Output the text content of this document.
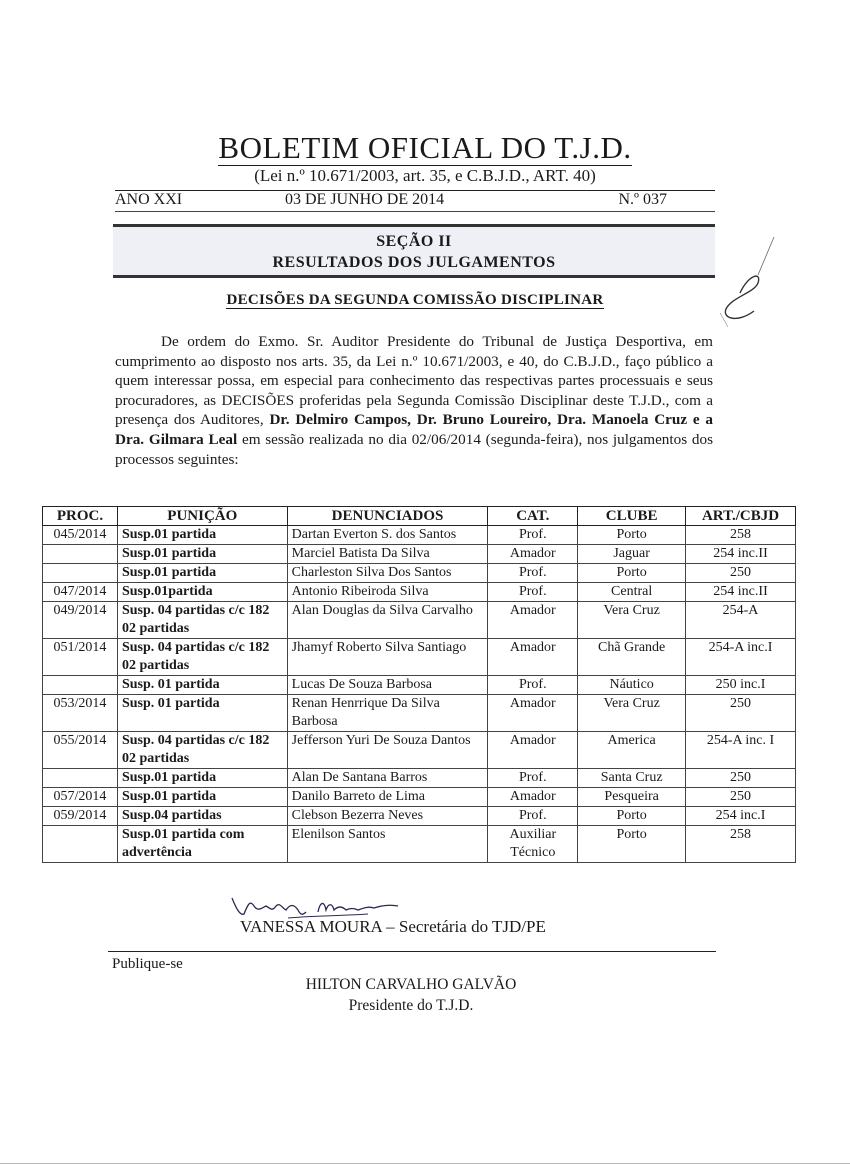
BOLETIM OFICIAL DO T.J.D.
(Lei n.º 10.671/2003, art. 35, e C.B.J.D., ART. 40)
ANO XXI	03 DE JUNHO DE 2014	N.º 037
SEÇÃO II
RESULTADOS DOS JULGAMENTOS
DECISÕES DA SEGUNDA COMISSÃO DISCIPLINAR

De ordem do Exmo. Sr. Auditor Presidente do Tribunal de Justiça Desportiva, em cumprimento ao disposto nos arts. 35, da Lei n.º 10.671/2003, e 40, do C.B.J.D., faço público a quem interessar possa, em especial para conhecimento das respectivas partes processuais e seus procuradores, as DECISÕES proferidas pela Segunda Comissão Disciplinar deste T.J.D., com a presença dos Auditores, Dr. Delmiro Campos, Dr. Bruno Loureiro, Dra. Manoela Cruz e a Dra. Gilmara Leal em sessão realizada no dia 02/06/2014 (segunda-feira), nos julgamentos dos processos seguintes:

PROC.	PUNIÇÃO	DENUNCIADOS	CAT.	CLUBE	ART./CBJD
045/2014	Susp.01 partida	Dartan Everton S. dos Santos	Prof.	Porto	258
	Susp.01 partida	Marciel Batista Da Silva	Amador	Jaguar	254 inc.II
	Susp.01 partida	Charleston Silva Dos Santos	Prof.	Porto	250
047/2014	Susp.01partida	Antonio Ribeiroda Silva	Prof.	Central	254 inc.II
049/2014	Susp. 04 partidas c/c 182 02 partidas	Alan Douglas da Silva Carvalho	Amador	Vera Cruz	254-A
051/2014	Susp. 04 partidas c/c 182 02 partidas	Jhamyf Roberto Silva Santiago	Amador	Chã Grande	254-A inc.I
	Susp. 01 partida	Lucas De Souza Barbosa	Prof.	Náutico	250 inc.I
053/2014	Susp. 01 partida	Renan Henrrique Da Silva Barbosa	Amador	Vera Cruz	250
055/2014	Susp. 04 partidas c/c 182 02 partidas	Jefferson Yuri De Souza Dantos	Amador	America	254-A inc. I
	Susp.01 partida	Alan De Santana Barros	Prof.	Santa Cruz	250
057/2014	Susp.01 partida	Danilo Barreto de Lima	Amador	Pesqueira	250
059/2014	Susp.04 partidas	Clebson Bezerra Neves	Prof.	Porto	254 inc.I
	Susp.01 partida com advertência	Elenilson Santos	Auxiliar Técnico	Porto	258
VANESSA MOURA – Secretária do TJD/PE
Publique-se
HILTON CARVALHO GALVÃO
Presidente do T.J.D.
